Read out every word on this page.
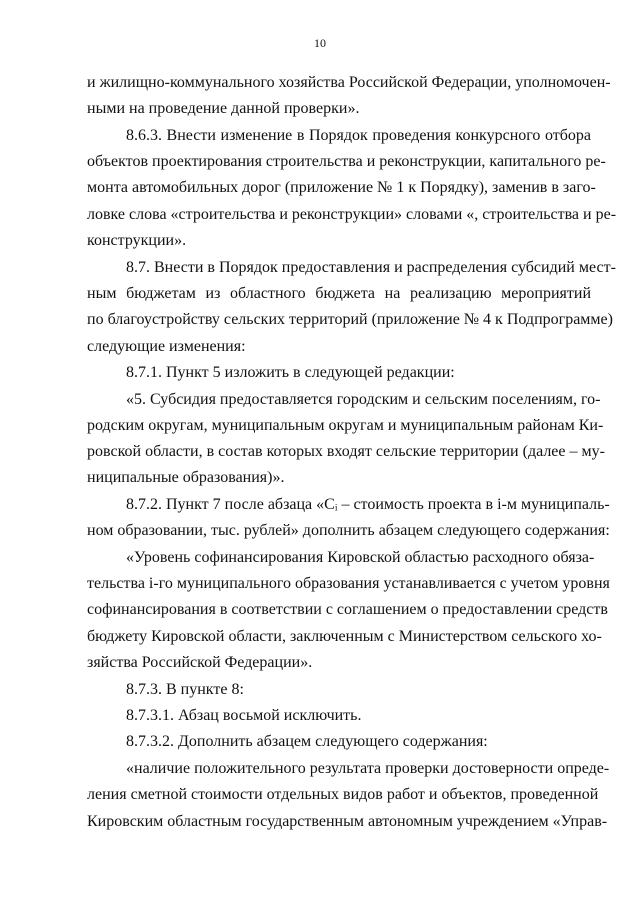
10
и жилищно-коммунального хозяйства Российской Федерации, уполномочен-
ными на проведение данной проверки».
8.6.3. Внести изменение в Порядок проведения конкурсного отбора
объектов проектирования строительства и реконструкции, капитального ре-
монта автомобильных дорог (приложение № 1 к Порядку), заменив в заго-
ловке слова «строительства и реконструкции» словами «, строительства и ре-
конструкции».
8.7. Внести в Порядок предоставления и распределения субсидий мест-
ным бюджетам из областного бюджета на реализацию мероприятий
по благоустройству сельских территорий (приложение № 4 к Подпрограмме)
следующие изменения:
8.7.1. Пункт 5 изложить в следующей редакции:
«5. Субсидия предоставляется городским и сельским поселениям, го-
родским округам, муниципальным округам и муниципальным районам Ки-
ровской области, в состав которых входят сельские территории (далее – му-
ниципальные образования)».
8.7.2. Пункт 7 после абзаца «Сᵢ – стоимость проекта в i-м муниципаль-
ном образовании, тыс. рублей» дополнить абзацем следующего содержания:
«Уровень софинансирования Кировской областью расходного обяза-
тельства i-го муниципального образования устанавливается с учетом уровня
софинансирования в соответствии с соглашением о предоставлении средств
бюджету Кировской области, заключенным с Министерством сельского хо-
зяйства Российской Федерации».
8.7.3. В пункте 8:
8.7.3.1. Абзац восьмой исключить.
8.7.3.2. Дополнить абзацем следующего содержания:
«наличие положительного результата проверки достоверности опреде-
ления сметной стоимости отдельных видов работ и объектов, проведенной
Кировским областным государственным автономным учреждением «Управ-
